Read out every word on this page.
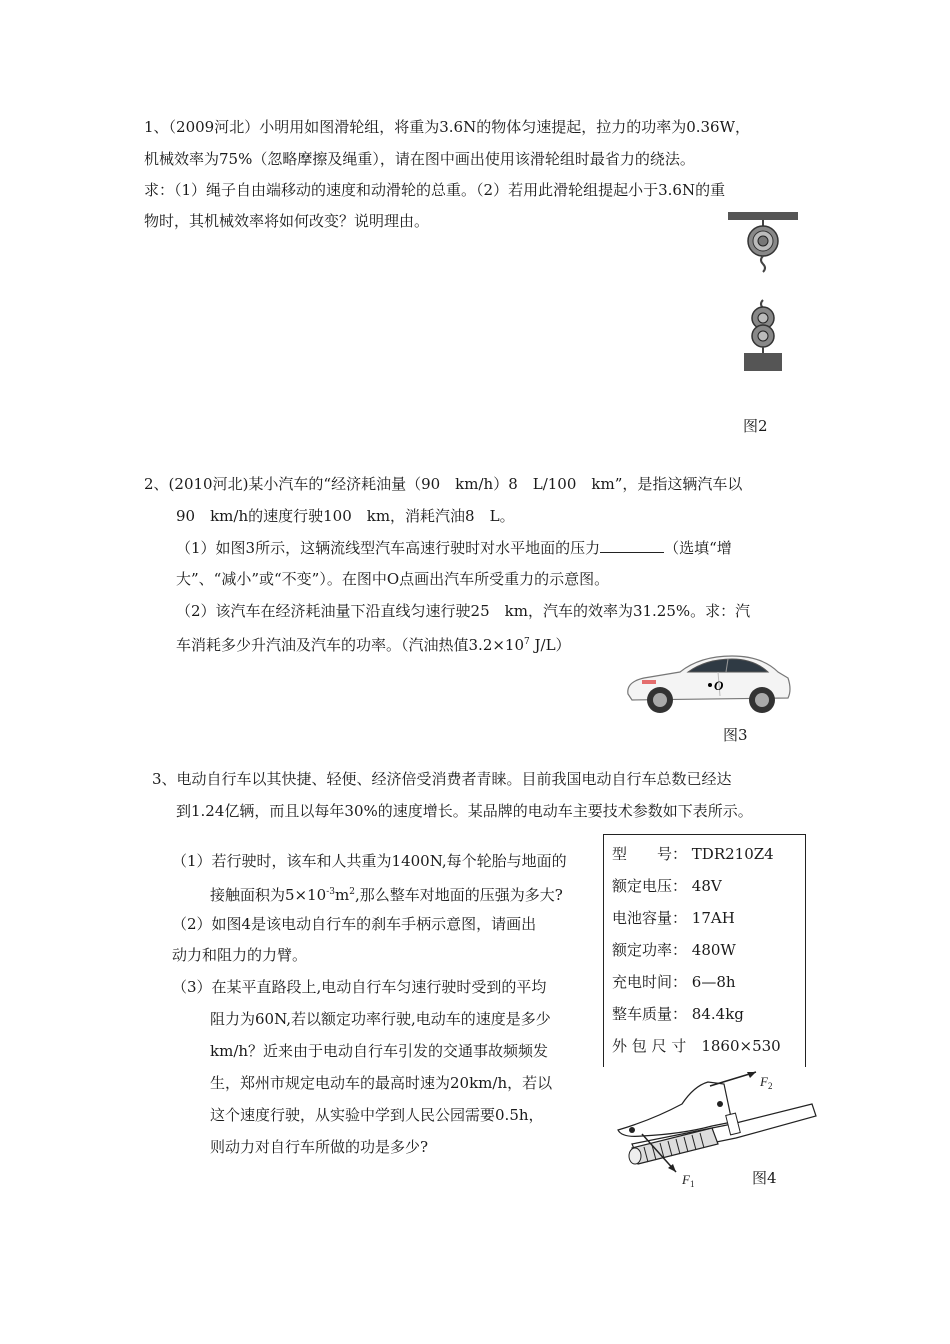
1、（2009河北）小明用如图滑轮组，将重为3.6N的物体匀速提起，拉力的功率为0.36W，
机械效率为75%（忽略摩擦及绳重），请在图中画出使用该滑轮组时最省力的绕法。
求：（1）绳子自由端移动的速度和动滑轮的总重。（2）若用此滑轮组提起小于3.6N的重
物时，其机械效率将如何改变？说明理由。
图2
2、(2010河北)某小汽车的“经济耗油量（90　km/h）8　L/100　km”，是指这辆汽车以
90　km/h的速度行驶100　km，消耗汽油8　L。
（1）如图3所示，这辆流线型汽车高速行驶时对水平地面的压力	（选填“增
大”、“减小”或“不变”）。在图中O点画出汽车所受重力的示意图。
（2）该汽车在经济耗油量下沿直线匀速行驶25　km，汽车的效率为31.25%。求：汽
车消耗多少升汽油及汽车的功率。（汽油热值$3.2\times 10^7$ J/L）
O
图3
3、电动自行车以其快捷、轻便、经济倍受消费者青睐。目前我国电动自行车总数已经达
到1.24亿辆，而且以每年30%的速度增长。某品牌的电动车主要技术参数如下表所示。
（1）若行驶时，该车和人共重为1400N,每个轮胎与地面的
接触面积为$5\times 10^{-3}m^2$,那么整车对地面的压强为多大?
（2）如图4是该电动自行车的刹车手柄示意图，请画出
动力和阻力的力臂。
（3）在某平直路段上,电动自行车匀速行驶时受到的平均
阻力为60N,若以额定功率行驶,电动车的速度是多少
km/h？近来由于电动自行车引发的交通事故频频发
生，郑州市规定电动车的最高时速为20km/h，若以
这个速度行驶，从实验中学到人民公园需要0.5h，
则动力对自行车所做的功是多少?
型　　号： TDR210Z4
额定电压： 48V
电池容量： 17AH
额定功率： 480W
充电时间： 6—8h
整车质量： 84.4kg
外 包 尺 寸　 1860×530
F 2
F 1	图4
